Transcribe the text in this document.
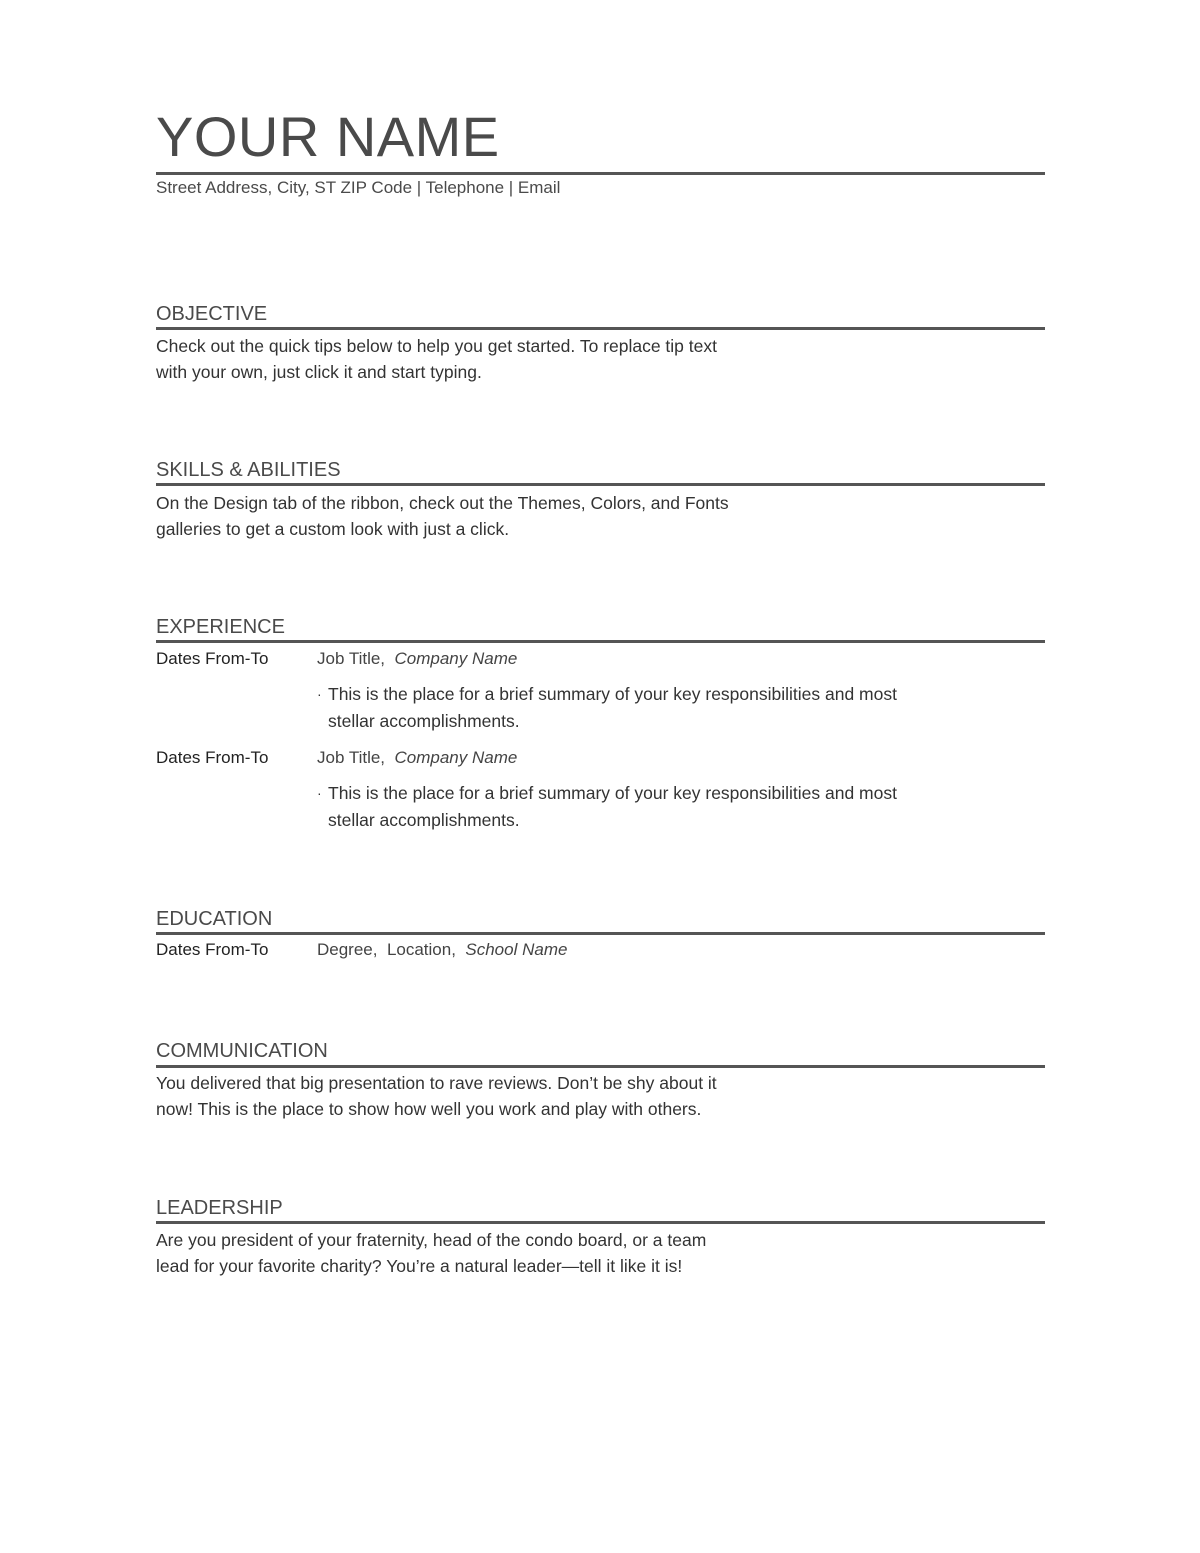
YOUR NAME
Street Address, City, ST ZIP Code | Telephone | Email
OBJECTIVE
Check out the quick tips below to help you get started. To replace tip text
with your own, just click it and start typing.
SKILLS & ABILITIES
On the Design tab of the ribbon, check out the Themes, Colors, and Fonts
galleries to get a custom look with just a click.
EXPERIENCE
Dates From-To	Job Title, Company Name
· This is the place for a brief summary of your key responsibilities and most
stellar accomplishments.
Dates From-To	Job Title, Company Name
· This is the place for a brief summary of your key responsibilities and most
stellar accomplishments.
EDUCATION
Dates From-To	Degree, Location, School Name
COMMUNICATION
You delivered that big presentation to rave reviews. Don’t be shy about it
now! This is the place to show how well you work and play with others.
LEADERSHIP
Are you president of your fraternity, head of the condo board, or a team
lead for your favorite charity? You’re a natural leader—tell it like it is!
